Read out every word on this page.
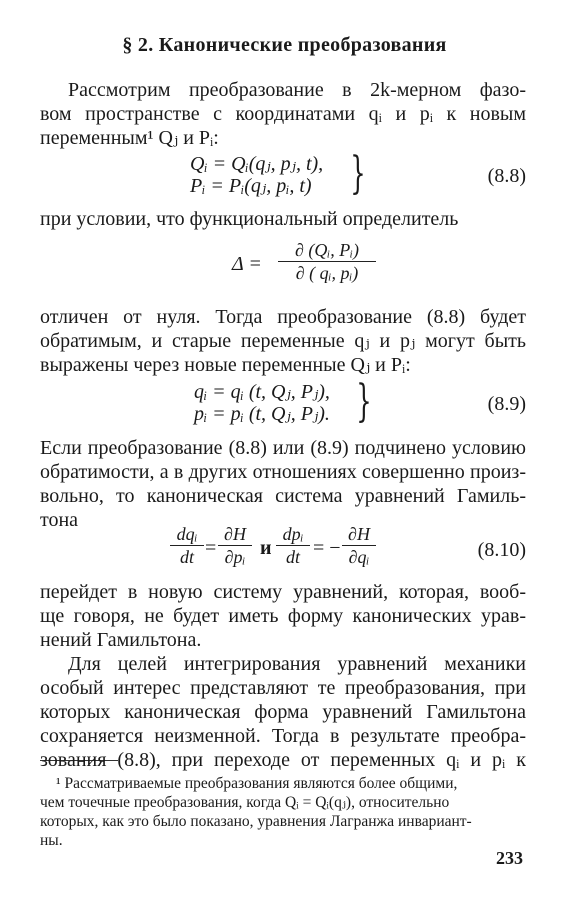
§ 2. Канонические преобразования
Рассмотрим преобразование в 2k-мерном фазо-
вом пространстве с координатами qᵢ и pᵢ к новым
переменным¹ Qⱼ и Pᵢ:
Qᵢ = Qᵢ(qⱼ, pⱼ, t),
Pᵢ = Pᵢ(qⱼ, pᵢ, t) }	(8.8)
при условии, что функциональный определитель
Δ =
∂ (Qᵢ, Pᵢ)
∂ ( qᵢ, pᵢ)
отличен от нуля. Тогда преобразование (8.8) будет
обратимым, и старые переменные qⱼ и pⱼ могут быть
выражены через новые переменные Qⱼ и Pᵢ:
qᵢ = qᵢ (t, Qⱼ, Pⱼ),
pᵢ = pᵢ (t, Qⱼ, Pⱼ). }	(8.9)
Если преобразование (8.8) или (8.9) подчинено условию
обратимости, а в других отношениях совершенно произ-
вольно, то каноническая система уравнений Гамиль-
тона
dqᵢ
dt =
∂H
∂pᵢ и
dpᵢ
dt = −
∂H
∂qᵢ	(8.10)
перейдет в новую систему уравнений, которая, вооб-
ще говоря, не будет иметь форму канонических урав-
нений Гамильтона.
Для целей интегрирования уравнений механики
особый интерес представляют те преобразования, при
которых каноническая форма уравнений Гамильтона
сохраняется неизменной. Тогда в результате преобра-
¹ Рассматриваемые преобразования являются более общими,
чем точечные преобразования, когда Qᵢ = Qᵢ(qⱼ), относительно
которых, как это было показано, уравнения Лагранжа инвариант-
ны.
233
зования (8.8), при переходе от переменных qᵢ и pᵢ к
